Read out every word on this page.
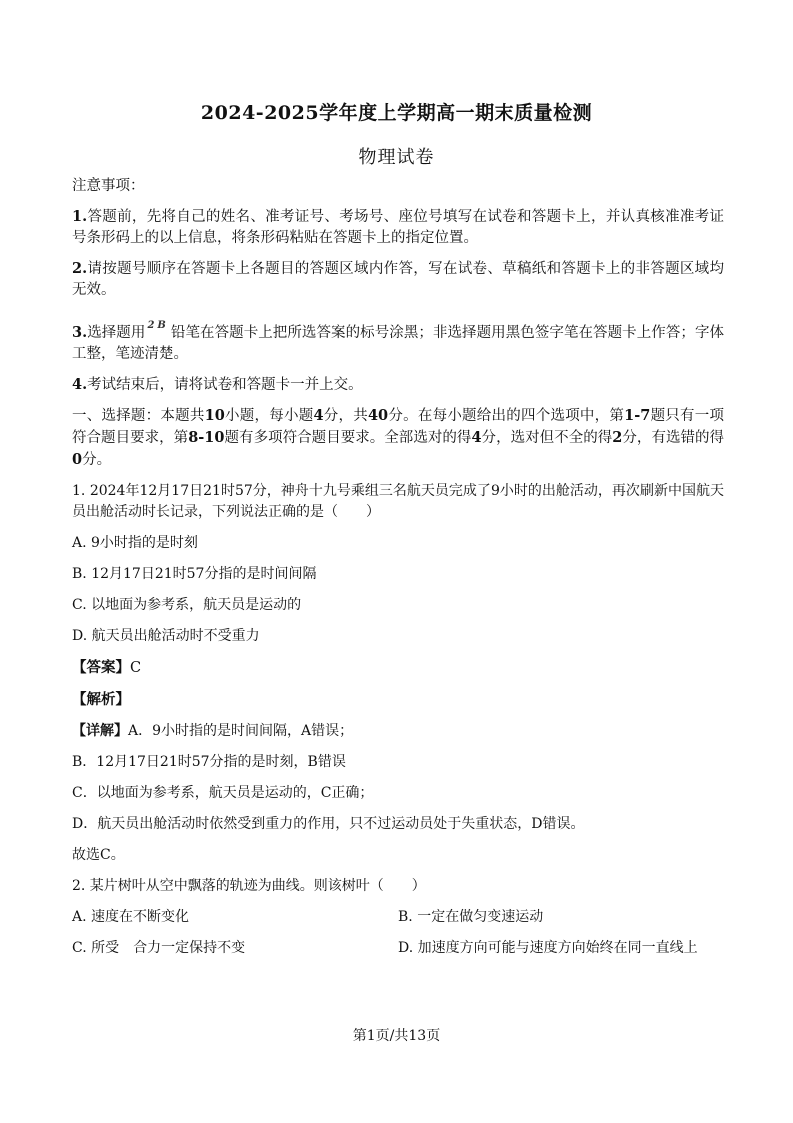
2024-2025学年度上学期高一期末质量检测
物理试卷

注意事项：

1.答题前，先将自己的姓名、准考证号、考场号、座位号填写在试卷和答题卡上，并认真核准准考证号条形码上的以上信息，将条形码粘贴在答题卡上的指定位置。

2.请按题号顺序在答题卡上各题目的答题区域内作答，写在试卷、草稿纸和答题卡上的非答题区域均无效。

3.选择题用 2B 铅笔在答题卡上把所选答案的标号涂黑；非选择题用黑色签字笔在答题卡上作答；字体工整，笔迹清楚。

4.考试结束后，请将试卷和答题卡一并上交。

一、选择题：本题共10小题，每小题4分，共40分。在每小题给出的四个选项中，第1-7题只有一项符合题目要求，第8-10题有多项符合题目要求。全部选对的得4分，选对但不全的得2分，有选错的得0分。

1. 2024年12月17日21时57分，神舟十九号乘组三名航天员完成了9小时的出舱活动，再次刷新中国航天员出舱活动时长记录，下列说法正确的是（　　）

A. 9小时指的是时刻

B. 12月17日21时57分指的是时间间隔

C. 以地面为参考系，航天员是运动的

D. 航天员出舱活动时不受重力

【答案】C

【解析】

【详解】A．9小时指的是时间间隔，A错误；

B．12月17日21时57分指的是时刻，B错误

C．以地面为参考系，航天员是运动的，C正确；

D．航天员出舱活动时依然受到重力的作用，只不过运动员处于失重状态，D错误。

故选C。

2. 某片树叶从空中飘落的轨迹为曲线。则该树叶（　　）

A. 速度在不断变化	B. 一定在做匀变速运动
C. 所受　合力一定保持不变	D. 加速度方向可能与速度方向始终在同一直线上
第1页/共13页
